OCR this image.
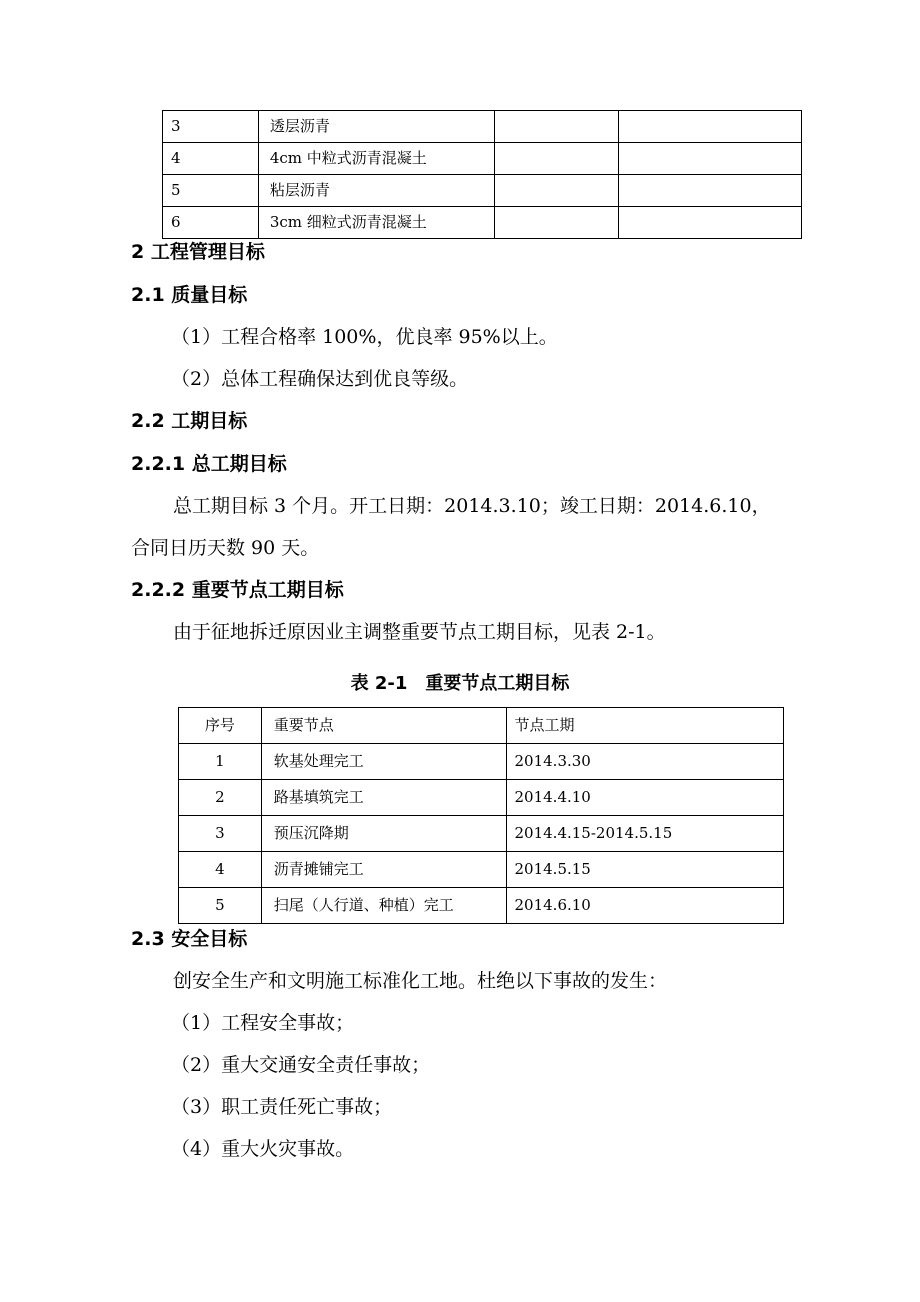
3	透层沥青		
4	4cm 中粒式沥青混凝土		
5	粘层沥青		
6	3cm 细粒式沥青混凝土		
2 工程管理目标
2.1 质量目标
（1）工程合格率 100%，优良率 95%以上。
（2）总体工程确保达到优良等级。
2.2 工期目标
2.2.1 总工期目标
总工期目标 3 个月。开工日期：2014.3.10；竣工日期：2014.6.10，
合同日历天数 90 天。
2.2.2 重要节点工期目标
由于征地拆迁原因业主调整重要节点工期目标，见表 2-1。
表 2-1　重要节点工期目标
序号	重要节点	节点工期
1	软基处理完工	2014.3.30
2	路基填筑完工	2014.4.10
3	预压沉降期	2014.4.15-2014.5.15
4	沥青摊铺完工	2014.5.15
5	扫尾（人行道、种植）完工	2014.6.10
2.3 安全目标
创安全生产和文明施工标准化工地。杜绝以下事故的发生：
（1）工程安全事故；
（2）重大交通安全责任事故；
（3）职工责任死亡事故；
（4）重大火灾事故。
